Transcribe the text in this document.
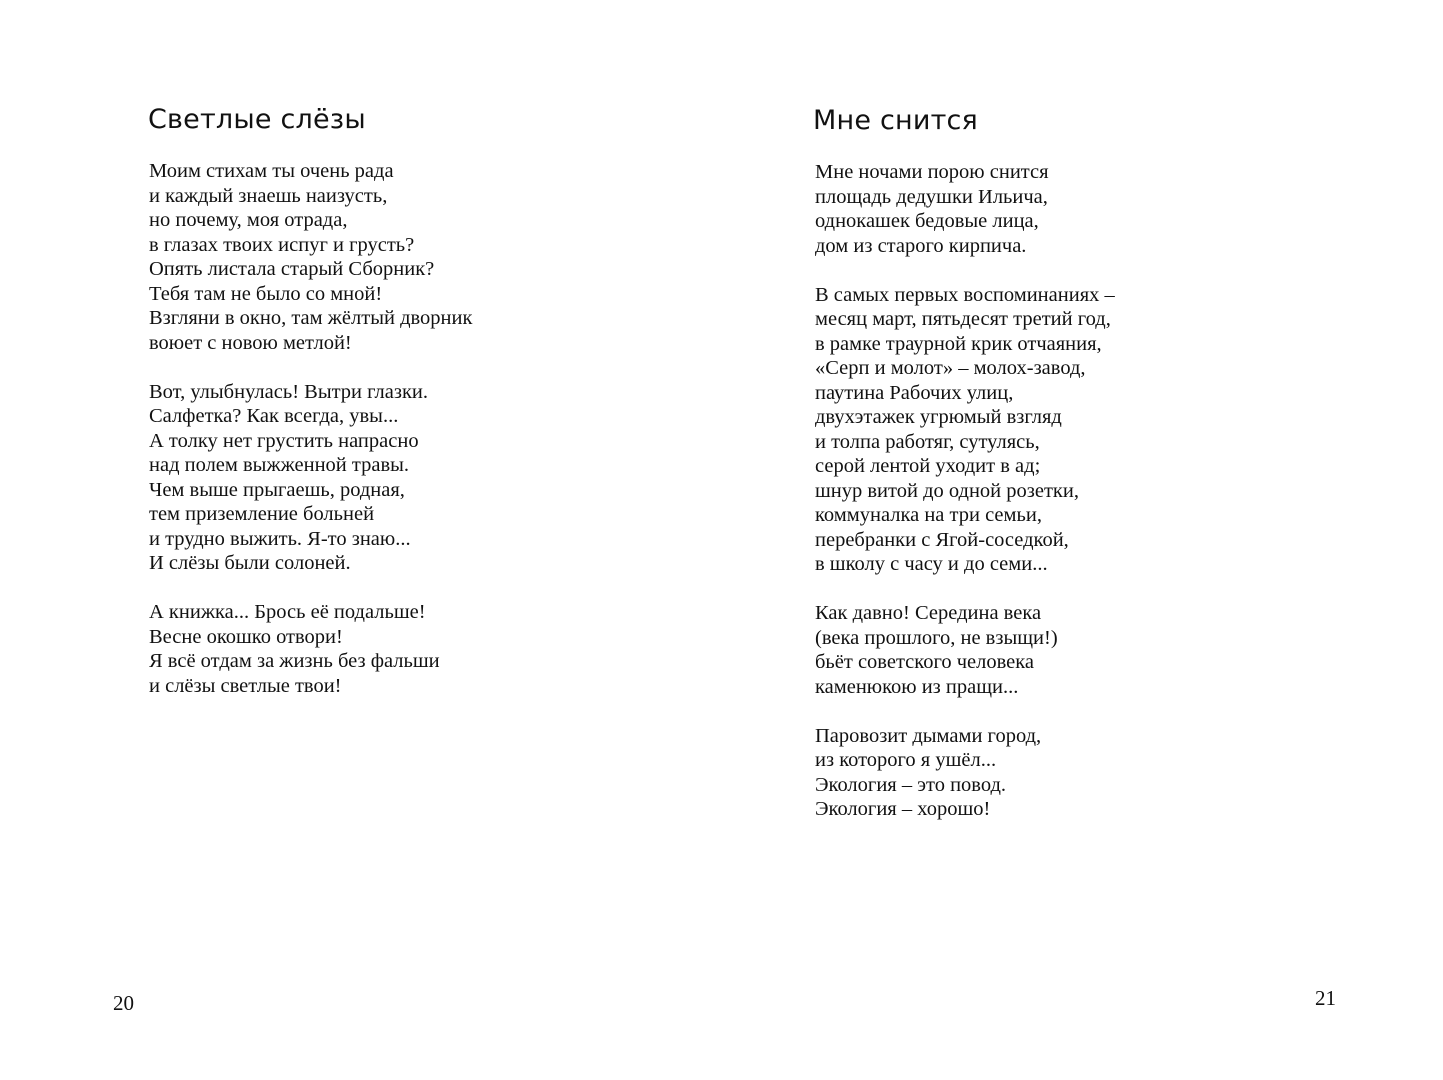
Светлые слёзы

Моим стихам ты очень рада
и каждый знаешь наизусть,
но почему, моя отрада,
в глазах твоих испуг и грусть?
Опять листала старый Сборник?
Тебя там не было со мной!
Взгляни в окно, там жёлтый дворник
воюет с новою метлой!

Вот, улыбнулась! Вытри глазки.
Салфетка? Как всегда, увы...
А толку нет грустить напрасно
над полем выжженной травы.
Чем выше прыгаешь, родная,
тем приземление больней
и трудно выжить. Я-то знаю...
И слёзы были солоней.

А книжка... Брось её подальше!
Весне окошко отвори!
Я всё отдам за жизнь без фальши
и слёзы светлые твои!

20
Мне снится

Мне ночами порою снится
площадь дедушки Ильича,
однокашек бедовые лица,
дом из старого кирпича.

В самых первых воспоминаниях –
месяц март, пятьдесят третий год,
в рамке траурной крик отчаяния,
«Серп и молот» – молох-завод,
паутина Рабочих улиц,
двухэтажек угрюмый взгляд
и толпа работяг, сутулясь,
серой лентой уходит в ад;
шнур витой до одной розетки,
коммуналка на три семьи,
перебранки с Ягой-соседкой,
в школу с часу и до семи...

Как давно! Середина века
(века прошлого, не взыщи!)
бьёт советского человека
каменюкою из пращи...

Паровозит дымами город,
из которого я ушёл...
Экология – это повод.
Экология – хорошо!

21
